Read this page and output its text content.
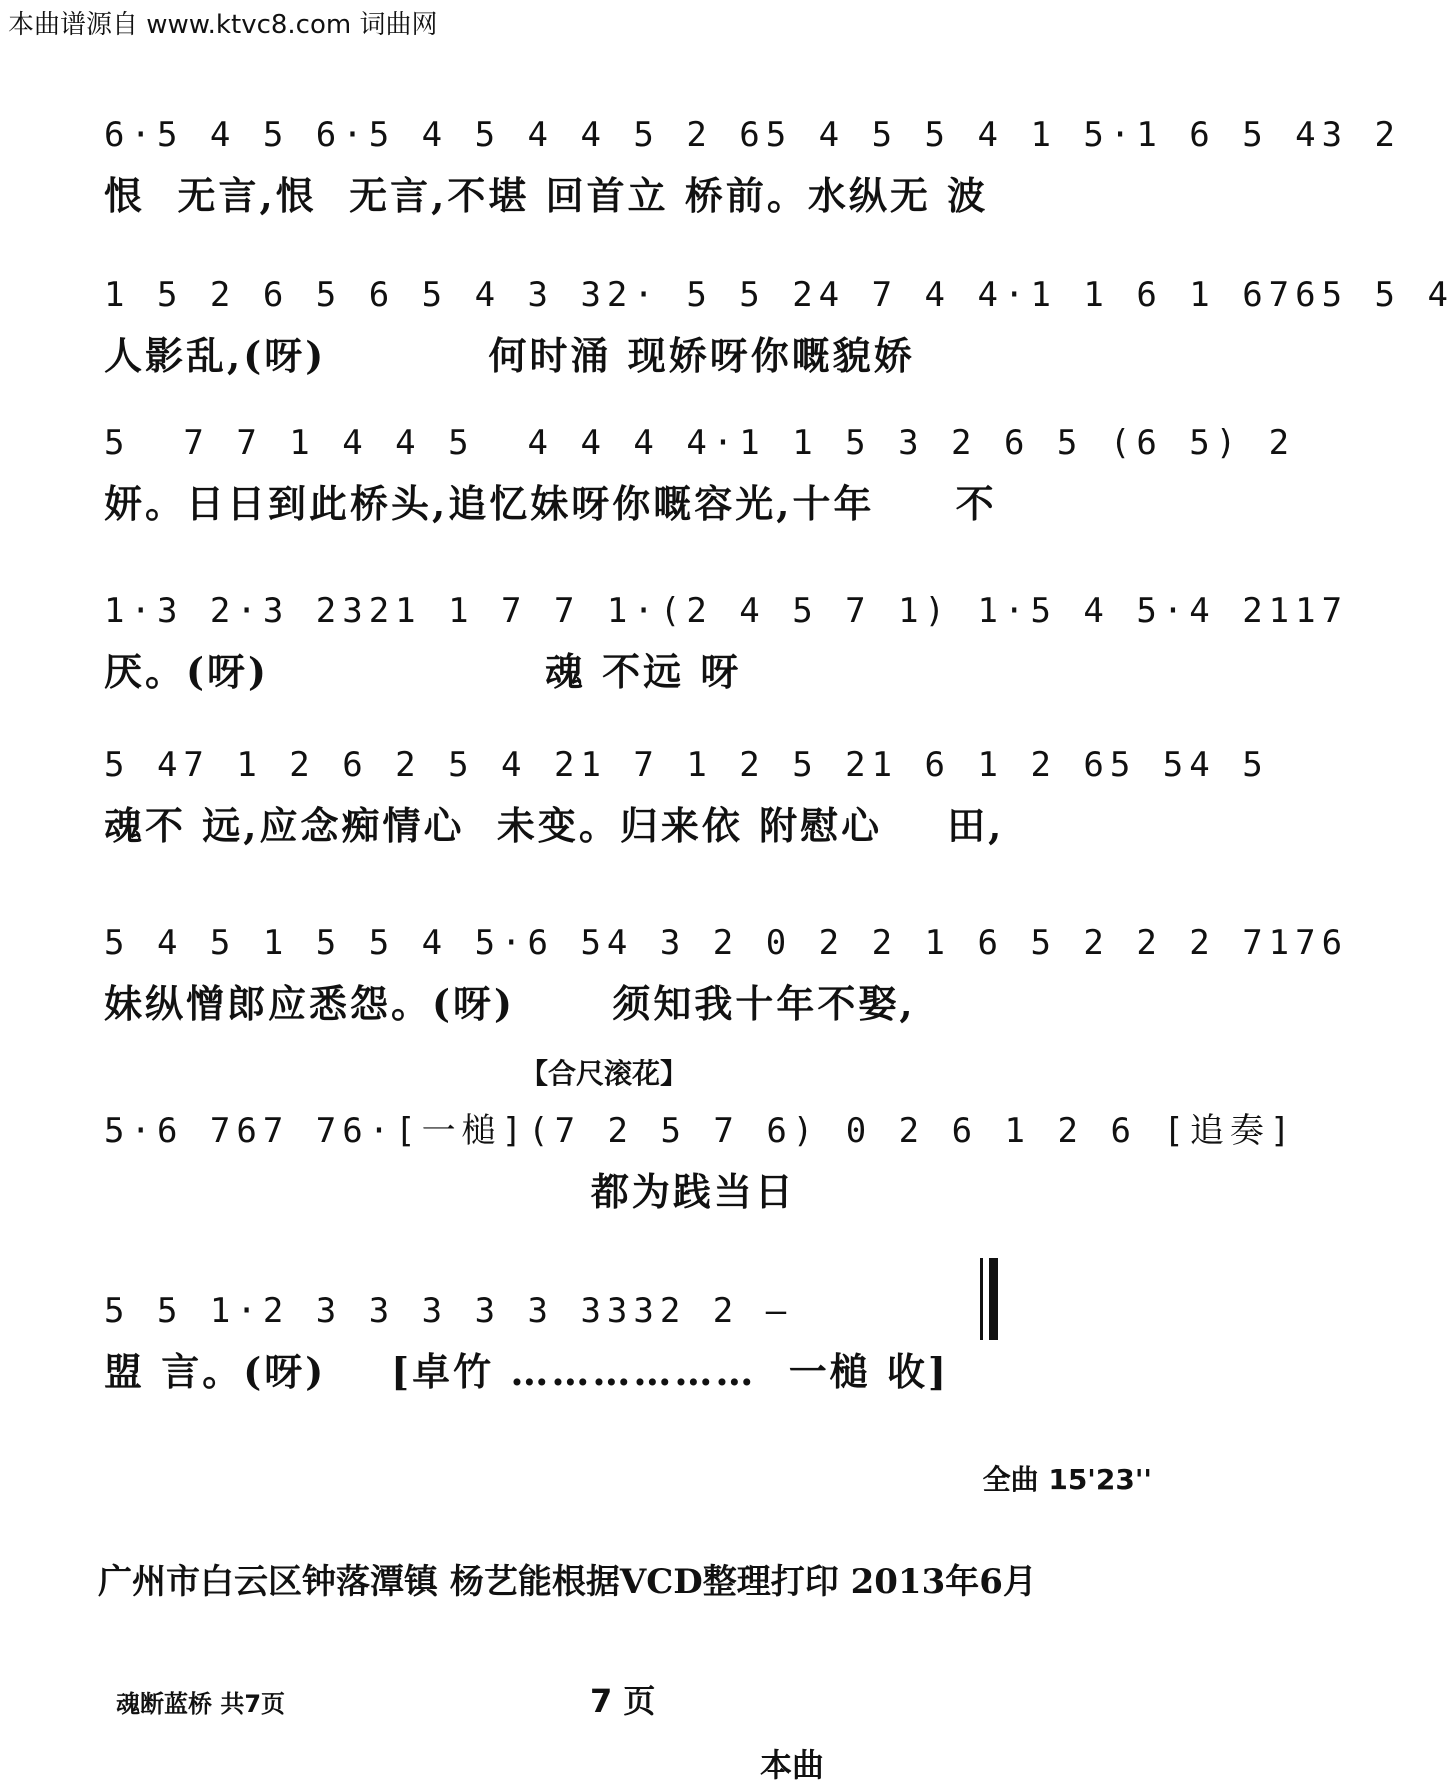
本曲谱源自 www.ktvc8.com 词曲网
6·5 4 5 6·5 4 5 4 4 5 2 65 4 5 5 4 1 5·1 6 5 43 2
恨  无言,恨  无言,不堪 回首立 桥前。水纵无 波
1 5 2 6 5 6 5 4 3 32· 5 5 24 7 4 4·1 1 6 1 6765 5 4
人影乱,(呀)          何时涌 现娇呀你嘅貌娇
5  7 7 1 4 4 5  4 4 4 4·1 1 5 3 2 6 5 (6 5) 2
妍。日日到此桥头,追忆妹呀你嘅容光,十年     不
1·3 2·3 2321 1 7 7 1·(2 4 5 7 1) 1·5 4 5·4 2117
厌。(呀)                 魂 不远 呀
5 47 1 2 6 2 5 4 21 7 1 2 5 21 6 1 2 65 54 5
魂不 远,应念痴情心  未变。归来依 附慰心    田,
5 4 5 1 5 5 4 5·6 54 3 2 0 2 2 1 6 5 2 2 2 7176
妹纵憎郎应悉怨。(呀)      须知我十年不娶,
【合尺滚花】
5·6 767 76·[一槌](7 2 5 7 6) 0 2 6 1 2 6 [追奏]
都为践当日
5 5 1·2 3 3 3 3 3 3332 2 —
盟 言。(呀)    [卓竹 ………………  一槌 收]
全曲 15'23''
广州市白云区钟落潭镇 杨艺能根据VCD整理打印 2013年6月
魂断蓝桥 共7页	7 页
本曲
